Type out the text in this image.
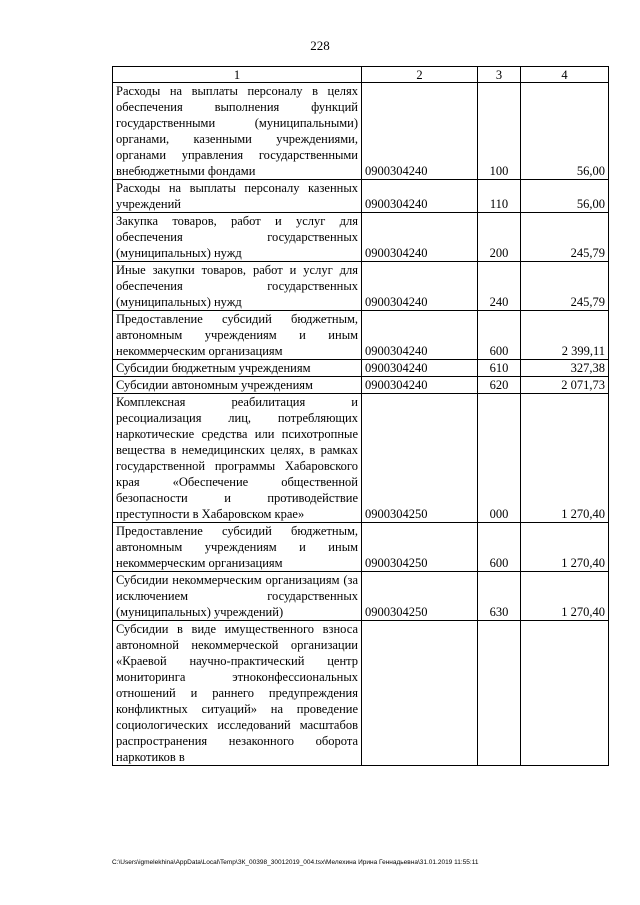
228
1	2	3	4
Расходы на выплаты персоналу в целях обеспечения выполнения функций государственными (муниципальными) органами, казенными учреждениями, органами управления государственными внебюджетными фондами	0900304240	100	56,00
Расходы на выплаты персоналу казенных учреждений	0900304240	110	56,00
Закупка товаров, работ и услуг для обеспечения государственных (муниципальных) нужд	0900304240	200	245,79
Иные закупки товаров, работ и услуг для обеспечения государственных (муниципальных) нужд	0900304240	240	245,79
Предоставление субсидий бюджетным, автономным учреждениям и иным некоммерческим организациям	0900304240	600	2 399,11
Субсидии бюджетным учреждениям	0900304240	610	327,38
Субсидии автономным учреждениям	0900304240	620	2 071,73
Комплексная реабилитация и ресоциализация лиц, потребляющих наркотические средства или психотропные вещества в немедицинских целях, в рамках государственной программы Хабаровского края «Обеспечение общественной безопасности и противодействие преступности в Хабаровском крае»	0900304250	000	1 270,40
Предоставление субсидий бюджетным, автономным учреждениям и иным некоммерческим организациям	0900304250	600	1 270,40
Субсидии некоммерческим организациям (за исключением государственных (муниципальных) учреждений)	0900304250	630	1 270,40
Субсидии в виде имущественного взноса автономной некоммерческой организации «Краевой научно-практический центр мониторинга этноконфессиональных отношений и раннего предупреждения конфликтных ситуаций» на проведение социологических исследований масштабов распространения незаконного оборота наркотиков в			
C:\Users\igmelekhina\AppData\Local\Temp\ЗК_00398_30012019_004.tsx\Мелехина Ирина Геннадьевна\31.01.2019 11:55:11
